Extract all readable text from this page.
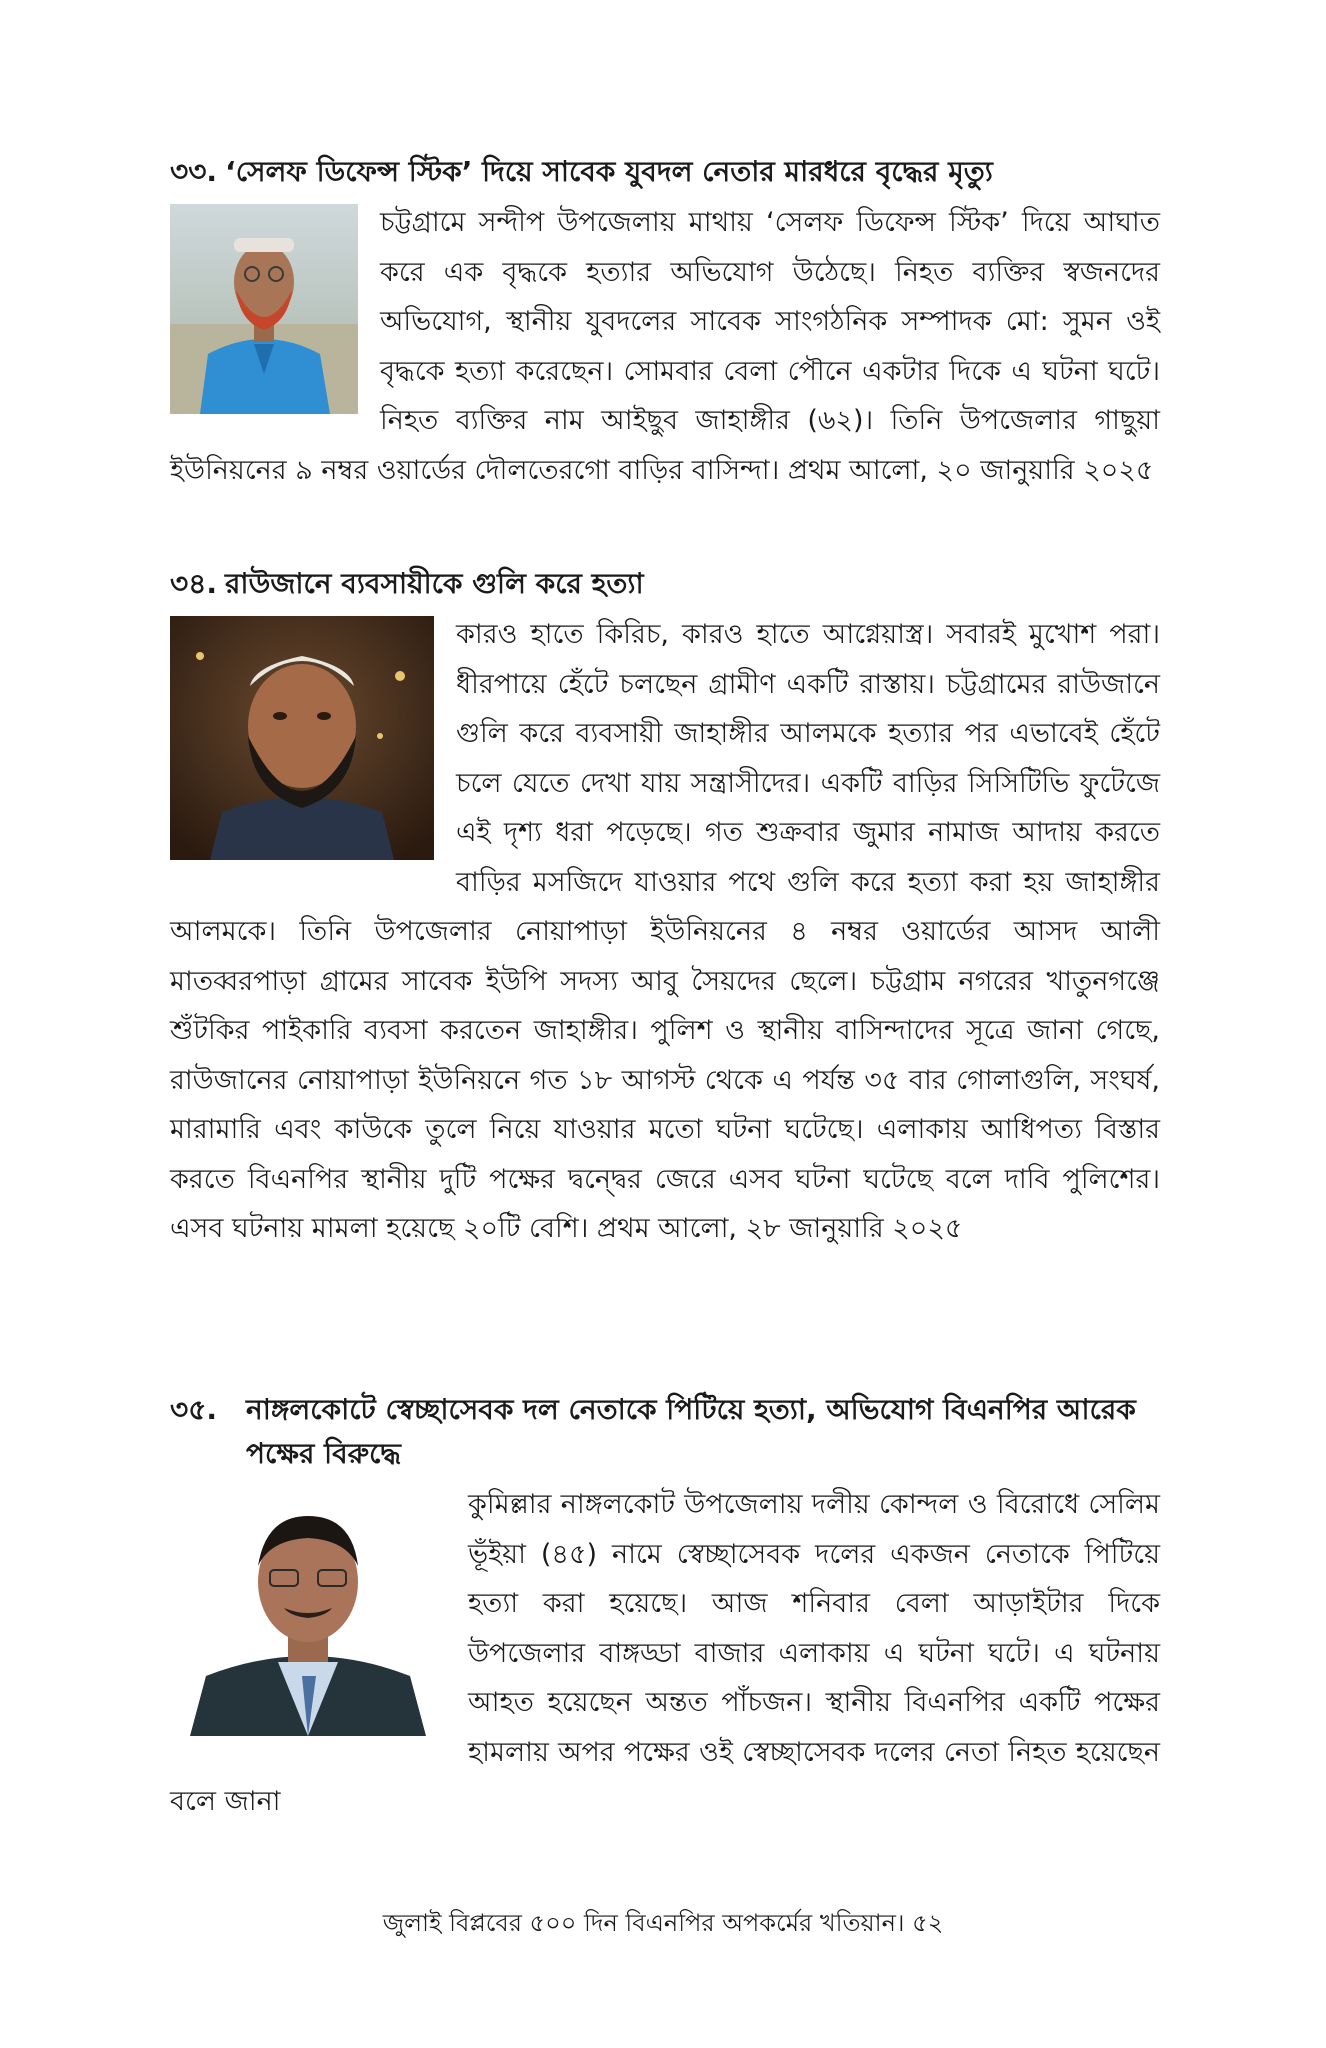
৩৩. ‘সেলফ ডিফেন্স স্টিক’ দিয়ে সাবেক যুবদল নেতার মারধরে বৃদ্ধের মৃত্যু

চট্টগ্রামে সন্দীপ উপজেলায় মাথায় ‘সেলফ ডিফেন্স স্টিক’ দিয়ে আঘাত করে এক বৃদ্ধকে হত্যার অভিযোগ উঠেছে। নিহত ব্যক্তির স্বজনদের অভিযোগ, স্থানীয় যুবদলের সাবেক সাংগঠনিক সম্পাদক মো: সুমন ওই বৃদ্ধকে হত্যা করেছেন। সোমবার বেলা পৌনে একটার দিকে এ ঘটনা ঘটে। নিহত ব্যক্তির নাম আইছুব জাহাঙ্গীর (৬২)। তিনি উপজেলার গাছুয়া ইউনিয়নের ৯ নম্বর ওয়ার্ডের দৌলতেরগো বাড়ির বাসিন্দা। প্রথম আলো, ২০ জানুয়ারি ২০২৫

৩৪. রাউজানে ব্যবসায়ীকে গুলি করে হত্যা

কারও হাতে কিরিচ, কারও হাতে আগ্নেয়াস্ত্র। সবারই মুখোশ পরা। ধীরপায়ে হেঁটে চলছেন গ্রামীণ একটি রাস্তায়। চট্টগ্রামের রাউজানে গুলি করে ব্যবসায়ী জাহাঙ্গীর আলমকে হত্যার পর এভাবেই হেঁটে চলে যেতে দেখা যায় সন্ত্রাসীদের। একটি বাড়ির সিসিটিভি ফুটেজে এই দৃশ্য ধরা পড়েছে। গত শুক্রবার জুমার নামাজ আদায় করতে বাড়ির মসজিদে যাওয়ার পথে গুলি করে হত্যা করা হয় জাহাঙ্গীর আলমকে। তিনি উপজেলার নোয়াপাড়া ইউনিয়নের ৪ নম্বর ওয়ার্ডের আসদ আলী মাতব্বরপাড়া গ্রামের সাবেক ইউপি সদস্য আবু সৈয়দের ছেলে। চট্টগ্রাম নগরের খাতুনগঞ্জে শুঁটকির পাইকারি ব্যবসা করতেন জাহাঙ্গীর। পুলিশ ও স্থানীয় বাসিন্দাদের সূত্রে জানা গেছে, রাউজানের নোয়াপাড়া ইউনিয়নে গত ১৮ আগস্ট থেকে এ পর্যন্ত ৩৫ বার গোলাগুলি, সংঘর্ষ, মারামারি এবং কাউকে তুলে নিয়ে যাওয়ার মতো ঘটনা ঘটেছে। এলাকায় আধিপত্য বিস্তার করতে বিএনপির স্থানীয় দুটি পক্ষের দ্বন্দ্বের জেরে এসব ঘটনা ঘটেছে বলে দাবি পুলিশের। এসব ঘটনায় মামলা হয়েছে ২০টি বেশি। প্রথম আলো, ২৮ জানুয়ারি ২০২৫

৩৫. নাঙ্গলকোটে স্বেচ্ছাসেবক দল নেতাকে পিটিয়ে হত্যা, অভিযোগ বিএনপির আরেক পক্ষের বিরুদ্ধে

কুমিল্লার নাঙ্গলকোট উপজেলায় দলীয় কোন্দল ও বিরোধে সেলিম ভূঁইয়া (৪৫) নামে স্বেচ্ছাসেবক দলের একজন নেতাকে পিটিয়ে হত্যা করা হয়েছে। আজ শনিবার বেলা আড়াইটার দিকে উপজেলার বাঙ্গড্ডা বাজার এলাকায় এ ঘটনা ঘটে। এ ঘটনায় আহত হয়েছেন অন্তত পাঁচজন। স্থানীয় বিএনপির একটি পক্ষের হামলায় অপর পক্ষের ওই স্বেচ্ছাসেবক দলের নেতা নিহত হয়েছেন বলে জানা

জুলাই বিপ্লবের ৫০০ দিন বিএনপির অপকর্মের খতিয়ান। ৫২
